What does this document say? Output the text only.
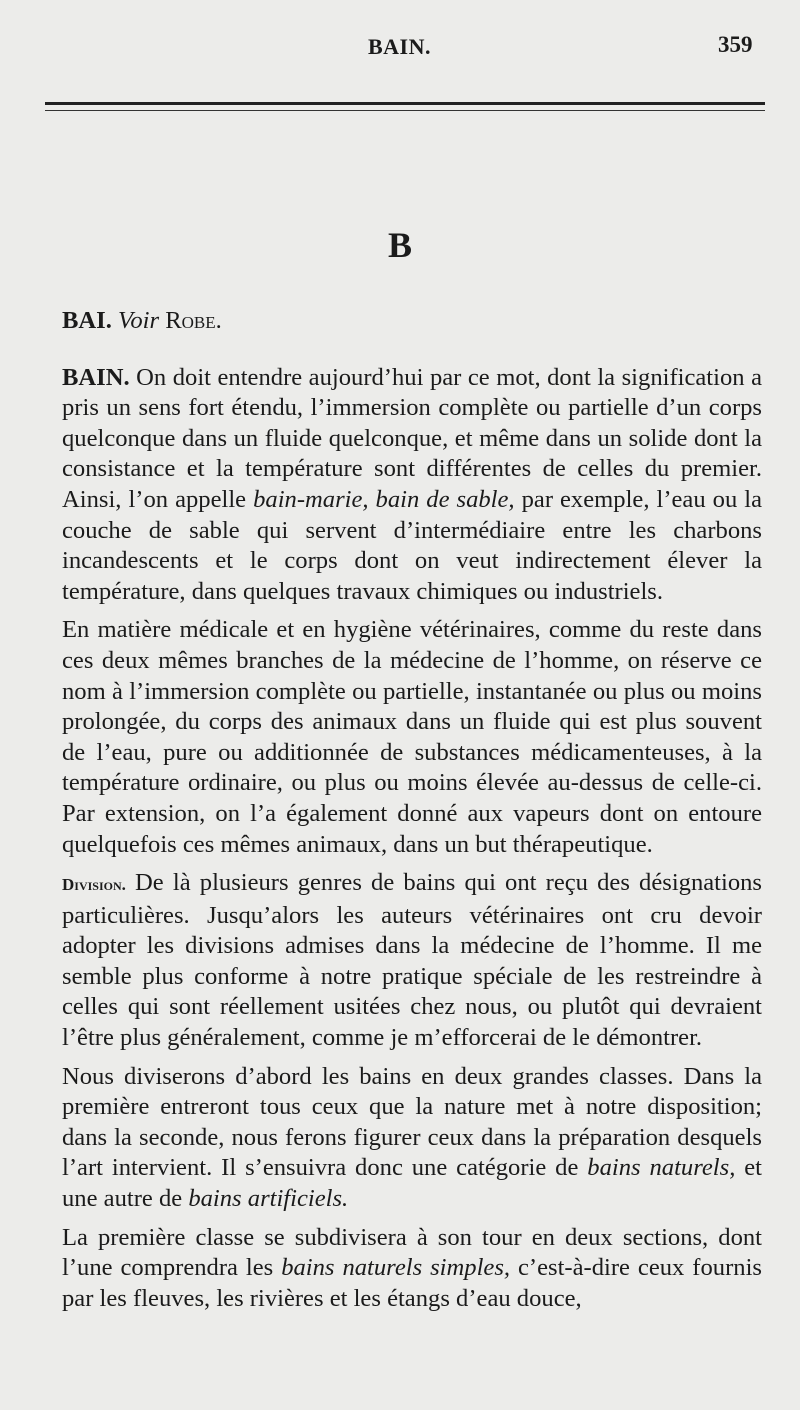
BAIN.	359
B

BAI. Voir Robe.

BAIN. On doit entendre aujourd’hui par ce mot, dont la signification a pris un sens fort étendu, l’immersion complète ou partielle d’un corps quelconque dans un fluide quelconque, et même dans un solide dont la consistance et la température sont différentes de celles du premier. Ainsi, l’on appelle bain-marie, bain de sable, par exemple, l’eau ou la couche de sable qui servent d’intermédiaire entre les charbons incandescents et le corps dont on veut indirectement élever la température, dans quelques travaux chimiques ou industriels.

En matière médicale et en hygiène vétérinaires, comme du reste dans ces deux mêmes branches de la médecine de l’homme, on réserve ce nom à l’immersion complète ou partielle, instantanée ou plus ou moins prolongée, du corps des animaux dans un fluide qui est plus souvent de l’eau, pure ou additionnée de substances médicamenteuses, à la température ordinaire, ou plus ou moins élevée au-dessus de celle-ci. Par extension, on l’a également donné aux vapeurs dont on entoure quelquefois ces mêmes animaux, dans un but thérapeutique.

Division. De là plusieurs genres de bains qui ont reçu des désignations particulières. Jusqu’alors les auteurs vétérinaires ont cru devoir adopter les divisions admises dans la médecine de l’homme. Il me semble plus conforme à notre pratique spéciale de les restreindre à celles qui sont réellement usitées chez nous, ou plutôt qui devraient l’être plus généralement, comme je m’efforcerai de le démontrer.

Nous diviserons d’abord les bains en deux grandes classes. Dans la première entreront tous ceux que la nature met à notre disposition; dans la seconde, nous ferons figurer ceux dans la préparation desquels l’art intervient. Il s’ensuivra donc une catégorie de bains naturels, et une autre de bains artificiels.

La première classe se subdivisera à son tour en deux sections, dont l’une comprendra les bains naturels simples, c’est-à-dire ceux fournis par les fleuves, les rivières et les étangs d’eau douce,
